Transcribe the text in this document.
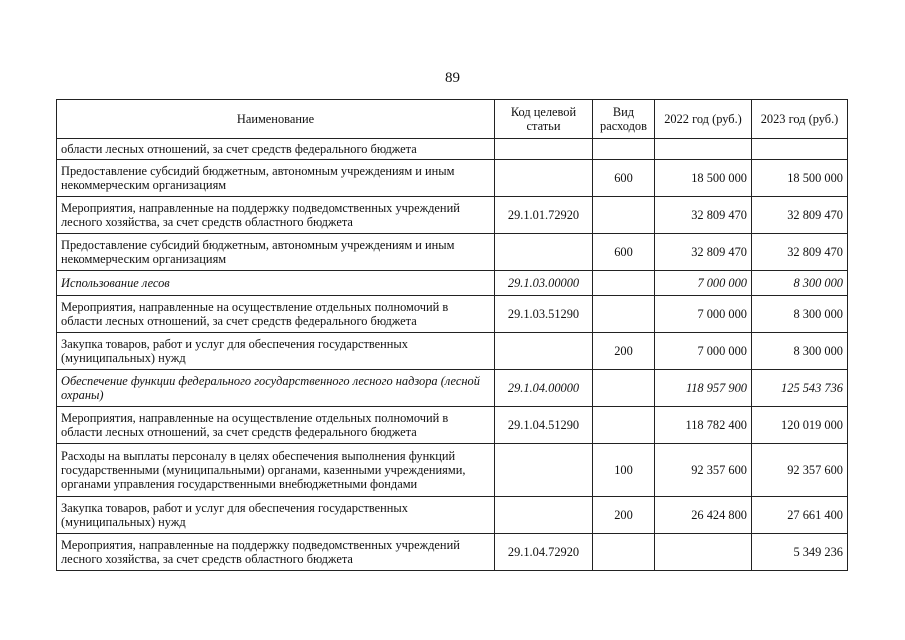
89
Наименование	Код целевой статьи	Вид расходов	2022 год (руб.)	2023 год (руб.)
области лесных отношений, за счет средств федерального бюджета				
Предоставление субсидий бюджетным, автономным учреждениям и иным некоммерческим организациям		600	18 500 000	18 500 000
Мероприятия, направленные на поддержку подведомственных учреждений лесного хозяйства, за счет средств областного бюджета	29.1.01.72920		32 809 470	32 809 470
Предоставление субсидий бюджетным, автономным учреждениям и иным некоммерческим организациям		600	32 809 470	32 809 470
Использование лесов	29.1.03.00000		7 000 000	8 300 000
Мероприятия, направленные на осуществление отдельных полномочий в области лесных отношений, за счет средств федерального бюджета	29.1.03.51290		7 000 000	8 300 000
Закупка товаров, работ и услуг для обеспечения государственных (муниципальных) нужд		200	7 000 000	8 300 000
Обеспечение функции федерального государственного лесного надзора (лесной охраны)	29.1.04.00000		118 957 900	125 543 736
Мероприятия, направленные на осуществление отдельных полномочий в области лесных отношений, за счет средств федерального бюджета	29.1.04.51290		118 782 400	120 019 000
Расходы на выплаты персоналу в целях обеспечения выполнения функций государственными (муниципальными) органами, казенными учреждениями, органами управления государственными внебюджетными фондами		100	92 357 600	92 357 600
Закупка товаров, работ и услуг для обеспечения государственных (муниципальных) нужд		200	26 424 800	27 661 400
Мероприятия, направленные на поддержку подведомственных учреждений лесного хозяйства, за счет средств областного бюджета	29.1.04.72920			5 349 236
